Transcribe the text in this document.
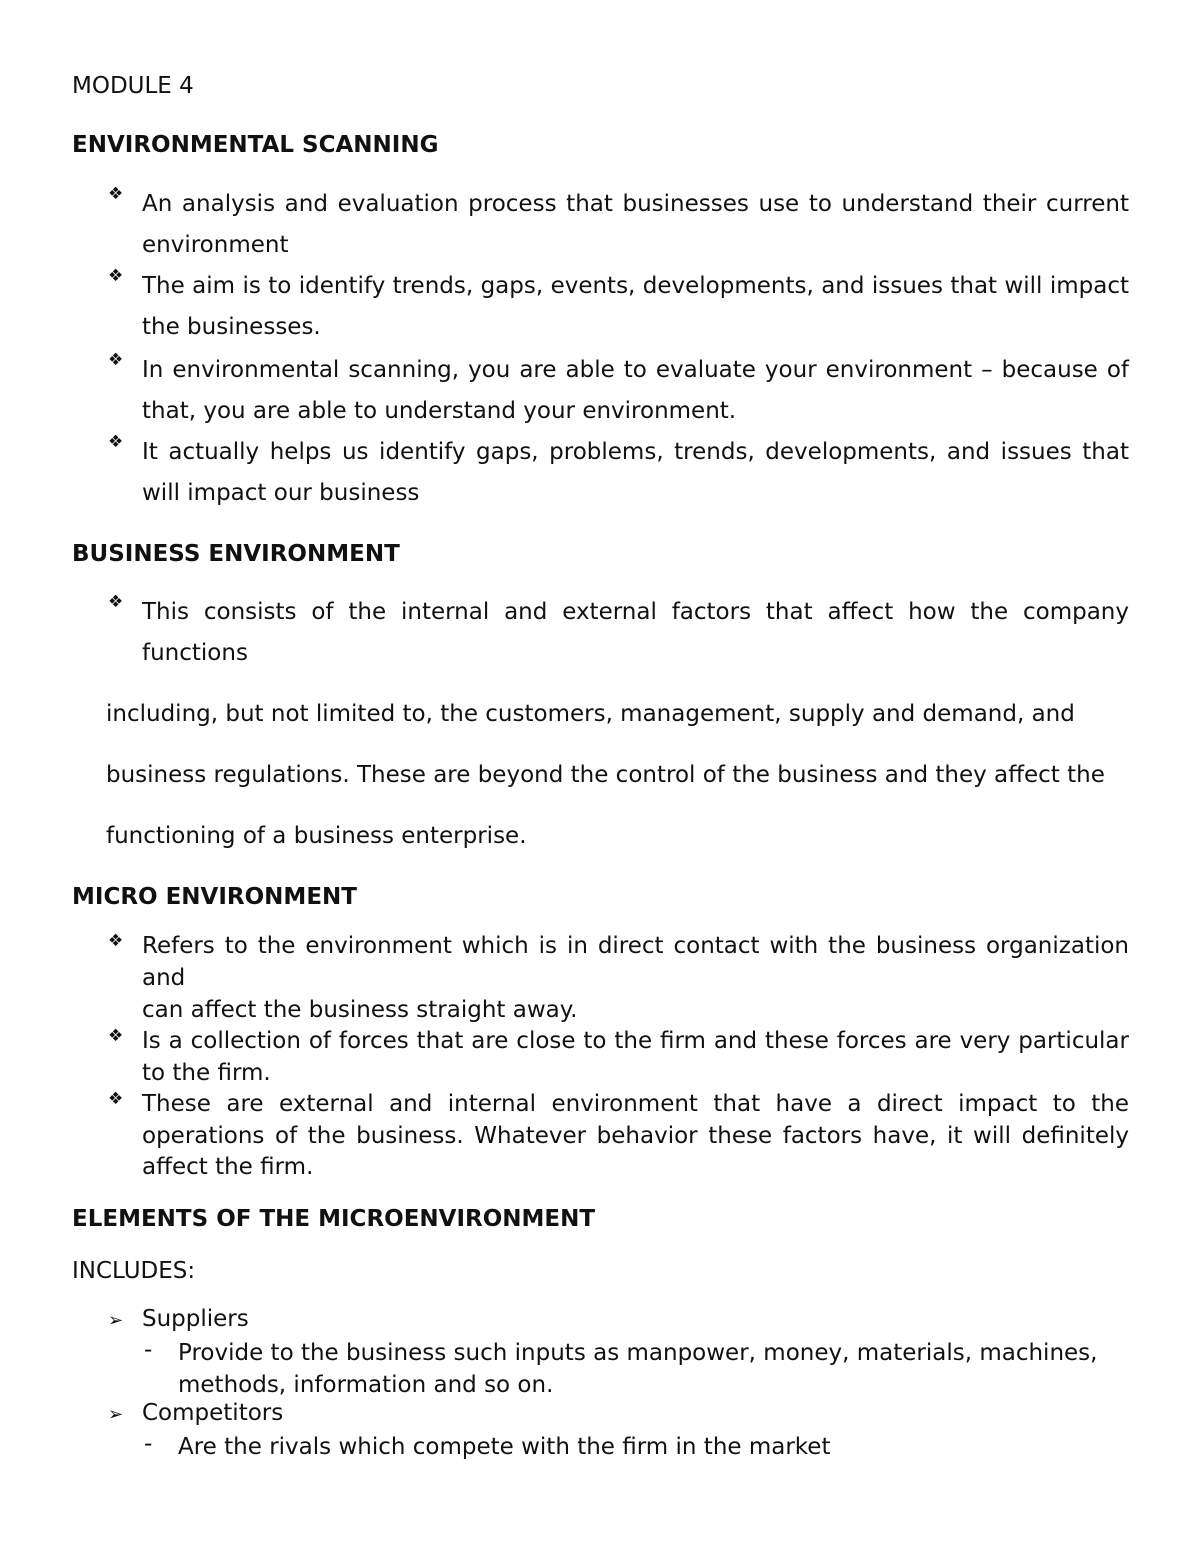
MODULE 4
ENVIRONMENTAL SCANNING
❖ An analysis and evaluation process that businesses use to understand their current environment
❖ The aim is to identify trends, gaps, events, developments, and issues that will impact the businesses.
❖ In environmental scanning, you are able to evaluate your environment – because of that, you are able to understand your environment.
❖ It actually helps us identify gaps, problems, trends, developments, and issues that will impact our business
BUSINESS ENVIRONMENT
❖ This consists of the internal and external factors that affect how the company functions
including, but not limited to, the customers, management, supply and demand, and business regulations. These are beyond the control of the business and they affect the functioning of a business enterprise.
MICRO ENVIRONMENT
❖ Refers to the environment which is in direct contact with the business organization and
can affect the business straight away.
❖ Is a collection of forces that are close to the firm and these forces are very particular to the firm.
❖ These are external and internal environment that have a direct impact to the operations of the business. Whatever behavior these factors have, it will definitely affect the firm.
ELEMENTS OF THE MICROENVIRONMENT
INCLUDES:
➢ Suppliers
- Provide to the business such inputs as manpower, money, materials, machines, methods, information and so on.
➢ Competitors
- Are the rivals which compete with the firm in the market
